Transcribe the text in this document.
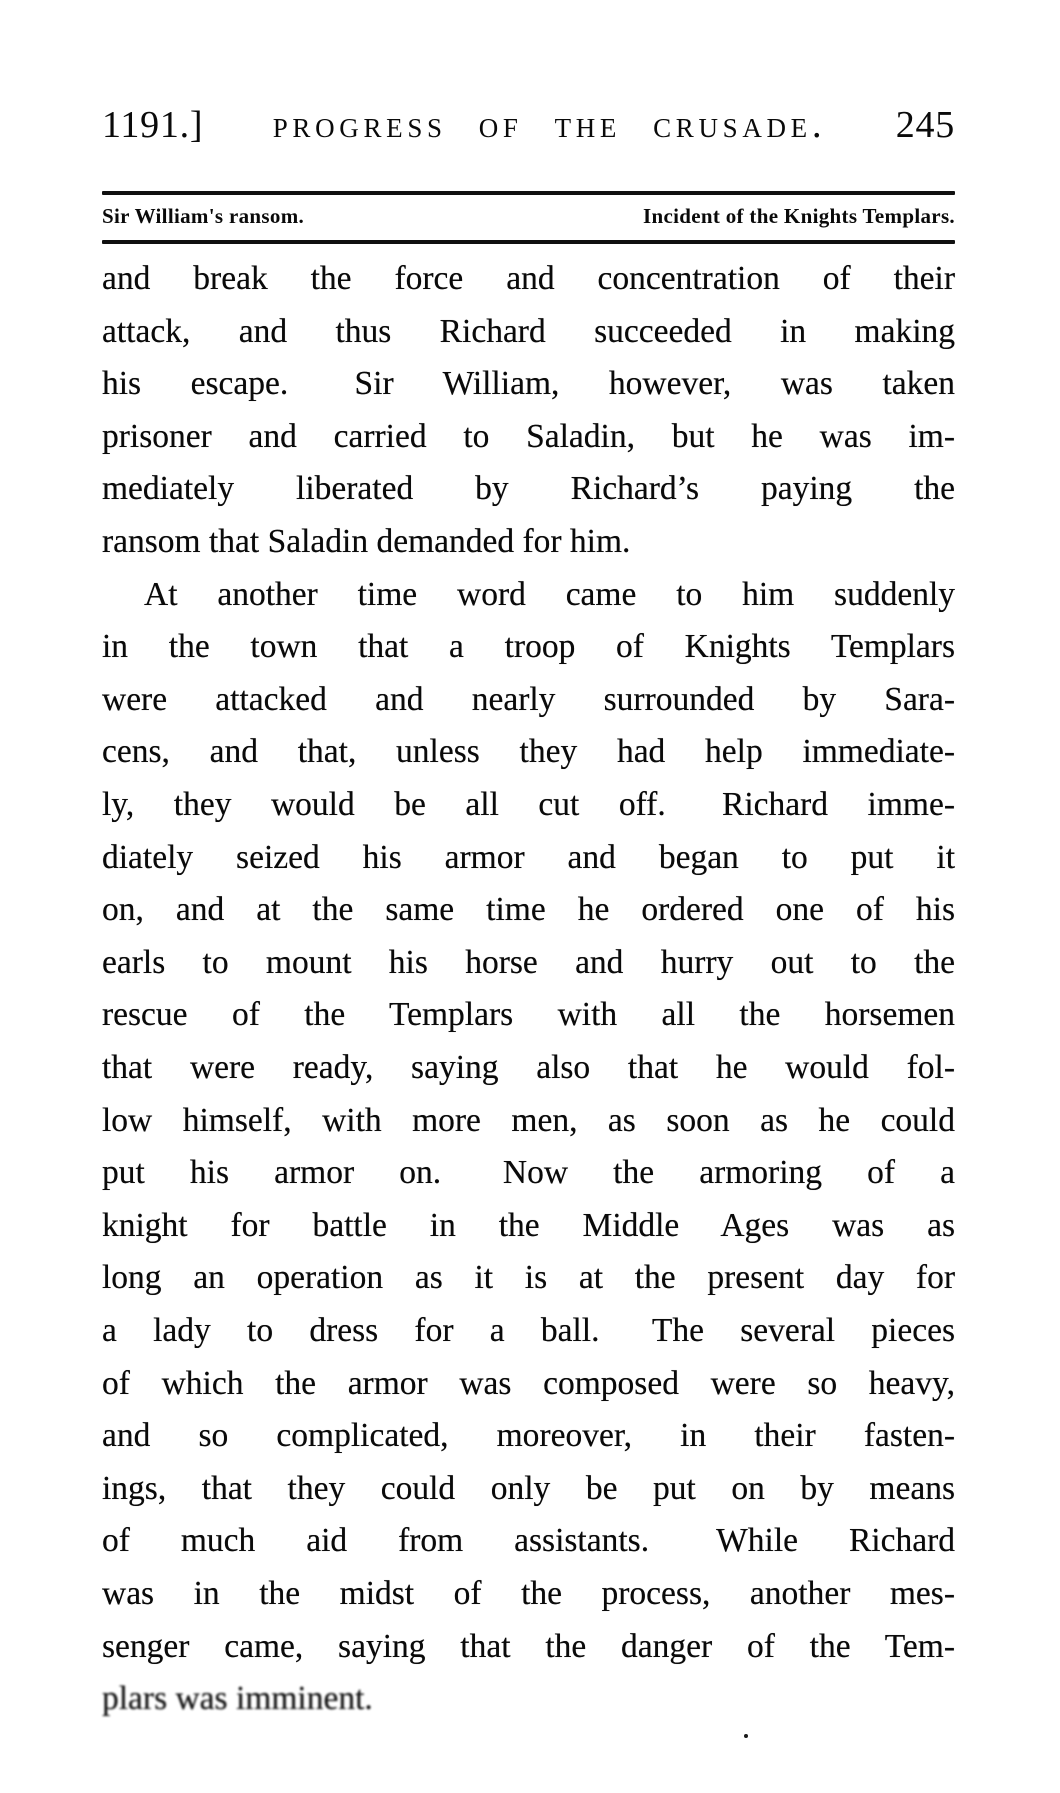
1191.] progress of the crusade. 245
Sir William's ransom.	Incident of the Knights Templars.
and break the force and concentration of their
attack, and thus Richard succeeded in making
his escape.  Sir William, however, was taken
prisoner and carried to Saladin, but he was im-
mediately liberated by Richard’s paying the
ransom that Saladin demanded for him.
At another time word came to him suddenly
in the town that a troop of Knights Templars
were attacked and nearly surrounded by Sara-
cens, and that, unless they had help immediate-
ly, they would be all cut off.  Richard imme-
diately seized his armor and began to put it
on, and at the same time he ordered one of his
earls to mount his horse and hurry out to the
rescue of the Templars with all the horsemen
that were ready, saying also that he would fol-
low himself, with more men, as soon as he could
put his armor on.  Now the armoring of a
knight for battle in the Middle Ages was as
long an operation as it is at the present day for
a lady to dress for a ball.  The several pieces
of which the armor was composed were so heavy,
and so complicated, moreover, in their fasten-
ings, that they could only be put on by means
of much aid from assistants.  While Richard
was in the midst of the process, another mes-
senger came, saying that the danger of the Tem-
plars was imminent.
